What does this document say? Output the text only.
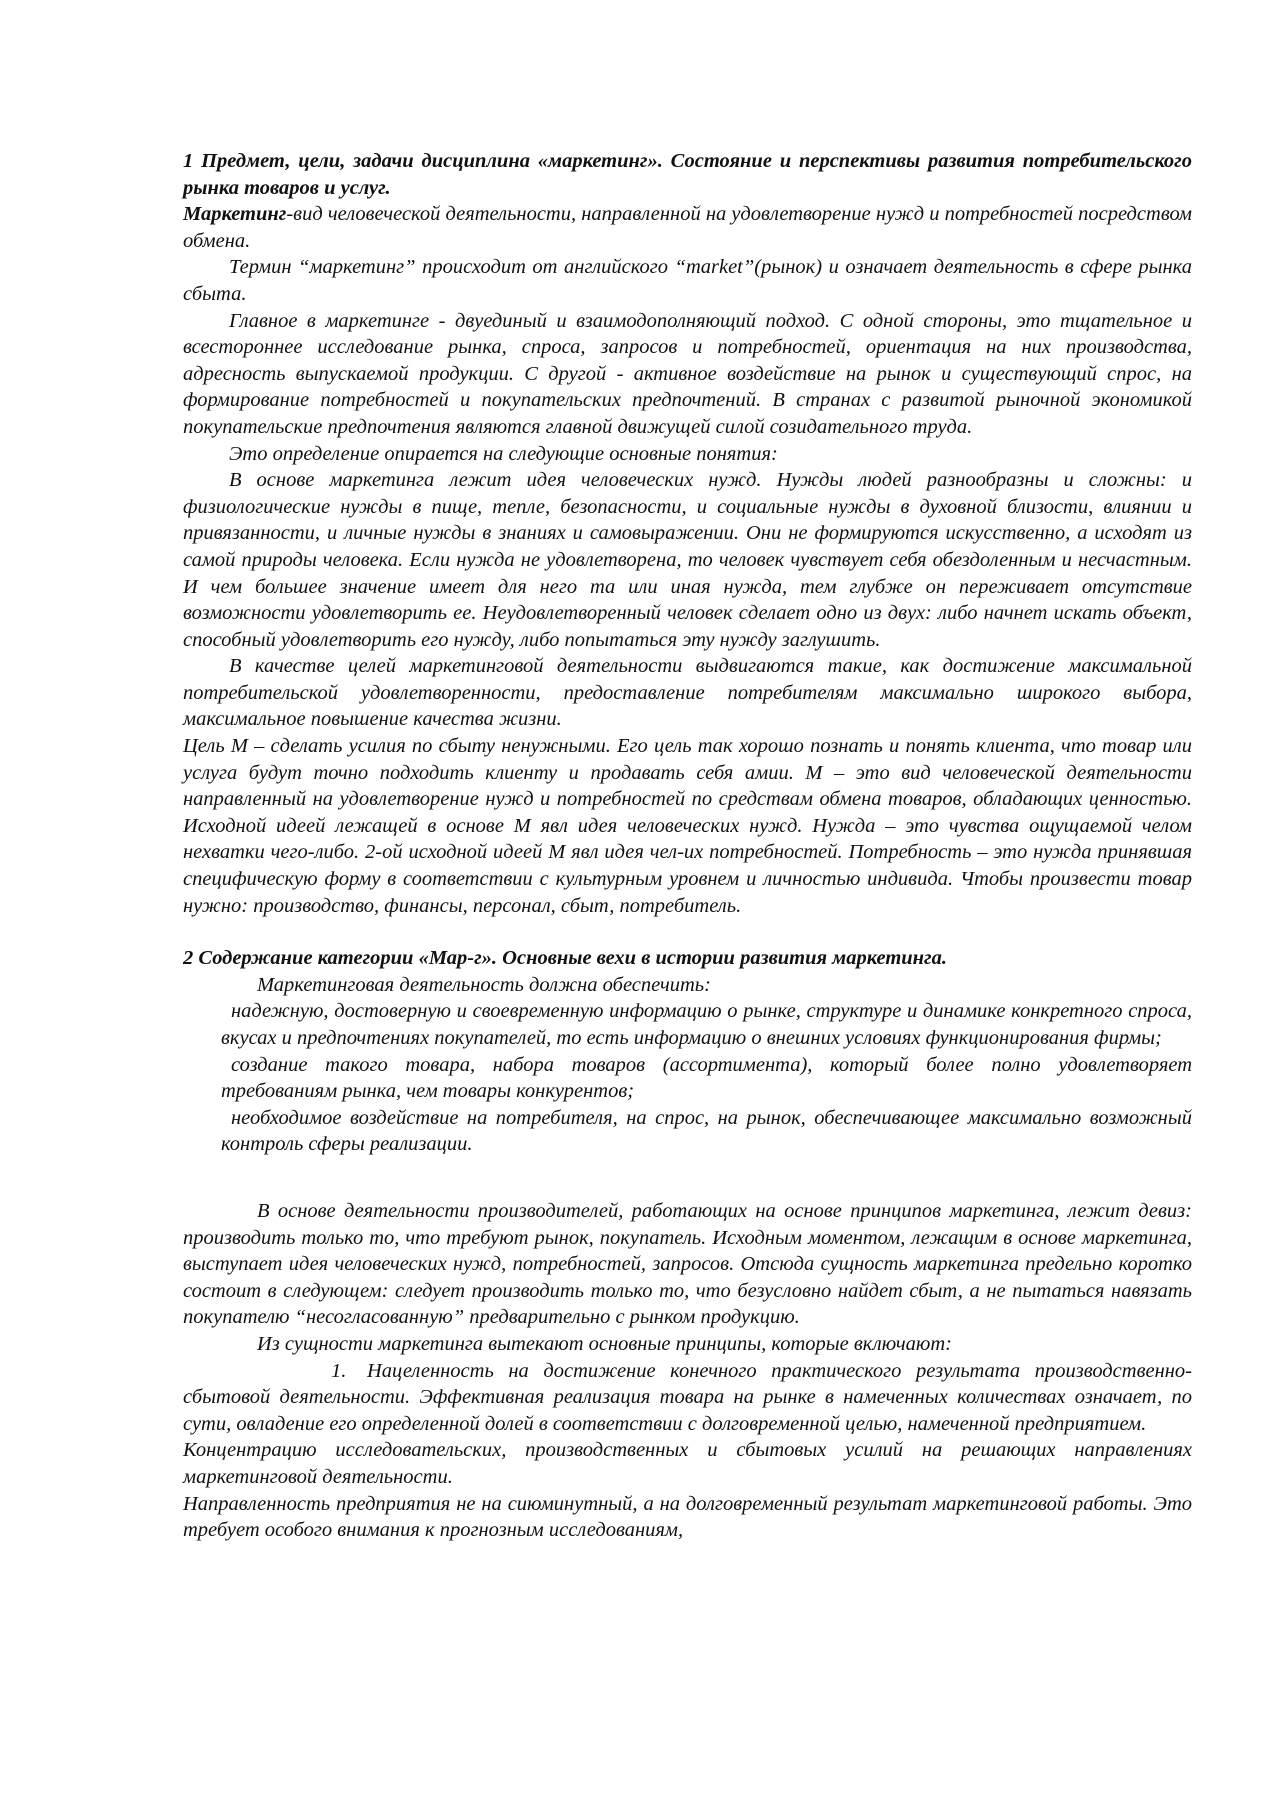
1 Предмет, цели, задачи дисциплина «маркетинг». Состояние и перспективы развития потребительского рынка товаров и услуг.

Маркетинг-вид человеческой деятельности, направленной на удовлетворение нужд и потребностей посредством обмена.

Термин “маркетинг” происходит от английского “market”(рынок) и означает деятельность в сфере рынка сбыта.

Главное в маркетинге - двуединый и взаимодополняющий подход. С одной стороны, это тщательное и всестороннее исследование рынка, спроса, запросов и потребностей, ориентация на них производства, адресность выпускаемой продукции. С другой - активное воздействие на рынок и существующий спрос, на формирование потребностей и покупательских предпочтений. В странах с развитой рыночной экономикой покупательские предпочтения являются главной движущей силой созидательного труда.

Это определение опирается на следующие основные понятия:

В основе маркетинга лежит идея человеческих нужд. Нужды людей разнообразны и сложны: и физиологические нужды в пище, тепле, безопасности, и социальные нужды в духовной близости, влиянии и привязанности, и личные нужды в знаниях и самовыражении. Они не формируются искусственно, а исходят из самой природы человека. Если нужда не удовлетворена, то человек чувствует себя обездоленным и несчастным. И чем большее значение имеет для него та или иная нужда, тем глубже он переживает отсутствие возможности удовлетворить ее. Неудовлетворенный человек сделает одно из двух: либо начнет искать объект, способный удовлетворить его нужду, либо попытаться эту нужду заглушить.

В качестве целей маркетинговой деятельности выдвигаются такие, как достижение максимальной потребительской удовлетворенности, предоставление потребителям максимально широкого выбора, максимальное повышение качества жизни.

Цель М – сделать усилия по сбыту ненужными. Его цель так хорошо познать и понять клиента, что товар или услуга будут точно подходить клиенту и продавать себя амии. М – это вид человеческой деятельности направленный на удовлетворение нужд и потребностей по средствам обмена товаров, обладающих ценностью. Исходной идеей лежащей в основе М явл идея человеческих нужд. Нужда – это чувства ощущаемой челом нехватки чего-либо. 2-ой исходной идеей М явл идея чел-их потребностей. Потребность – это нужда принявшая специфическую форму в соответствии с культурным уровнем и личностью индивида. Чтобы произвести товар нужно: производство, финансы, персонал, сбыт, потребитель.

2 Содержание категории «Мар-г». Основные вехи в истории развития маркетинга.

Маркетинговая деятельность должна обеспечить:

надежную, достоверную и своевременную информацию о рынке, структуре и динамике конкретного спроса, вкусах и предпочтениях покупателей, то есть информацию о внешних условиях функционирования фирмы;

создание такого товара, набора товаров (ассортимента), который более полно удовлетворяет требованиям рынка, чем товары конкурентов;

необходимое воздействие на потребителя, на спрос, на рынок, обеспечивающее максимально возможный контроль сферы реализации.

В основе деятельности производителей, работающих на основе принципов маркетинга, лежит девиз: производить только то, что требуют рынок, покупатель. Исходным моментом, лежащим в основе маркетинга, выступает идея человеческих нужд, потребностей, запросов. Отсюда сущность маркетинга предельно коротко состоит в следующем: следует производить только то, что безусловно найдет сбыт, а не пытаться навязать покупателю “несогласованную” предварительно с рынком продукцию.

Из сущности маркетинга вытекают основные принципы, которые включают:

1. Нацеленность на достижение конечного практического результата производственно-сбытовой деятельности. Эффективная реализация товара на рынке в намеченных количествах означает, по сути, овладение его определенной долей в соответствии с долговременной целью, намеченной предприятием.

Концентрацию исследовательских, производственных и сбытовых усилий на решающих направлениях маркетинговой деятельности.

Направленность предприятия не на сиюминутный, а на долговременный результат маркетинговой работы. Это требует особого внимания к прогнозным исследованиям,
